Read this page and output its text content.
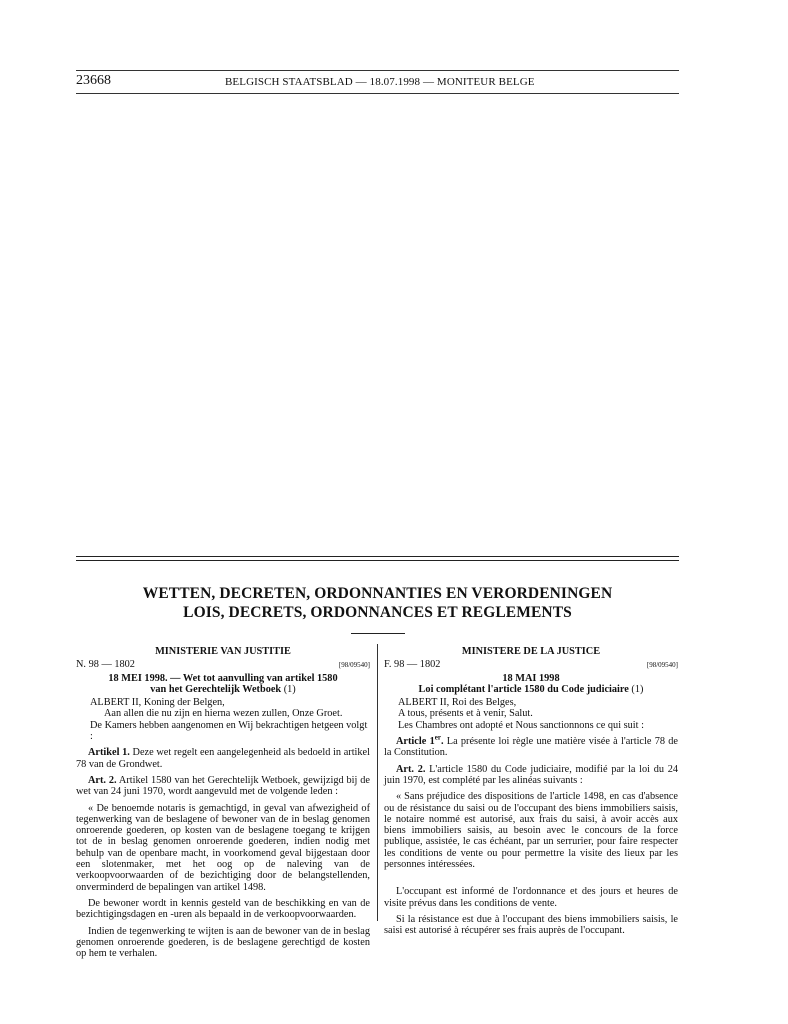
23668	BELGISCH STAATSBLAD — 18.07.1998 — MONITEUR BELGE
WETTEN, DECRETEN, ORDONNANTIES EN VERORDENINGEN
LOIS, DECRETS, ORDONNANCES ET REGLEMENTS
MINISTERIE VAN JUSTITIE
N. 98 — 1802	[98/09540]
18 MEI 1998. — Wet tot aanvulling van artikel 1580
van het Gerechtelijk Wetboek (1)
ALBERT II, Koning der Belgen,
Aan allen die nu zijn en hierna wezen zullen, Onze Groet.
De Kamers hebben aangenomen en Wij bekrachtigen hetgeen volgt :

Artikel 1. Deze wet regelt een aangelegenheid als bedoeld in artikel 78 van de Grondwet.

Art. 2. Artikel 1580 van het Gerechtelijk Wetboek, gewijzigd bij de wet van 24 juni 1970, wordt aangevuld met de volgende leden :

« De benoemde notaris is gemachtigd, in geval van afwezigheid of tegenwerking van de beslagene of bewoner van de in beslag genomen onroerende goederen, op kosten van de beslagene toegang te krijgen tot de in beslag genomen onroerende goederen, indien nodig met behulp van de openbare macht, in voorkomend geval bijgestaan door een slotenmaker, met het oog op de naleving van de verkoopvoorwaarden of de bezichtiging door de belangstellenden, onverminderd de bepalingen van artikel 1498.

De bewoner wordt in kennis gesteld van de beschikking en van de bezichtigingsdagen en -uren als bepaald in de verkoopvoorwaarden.

Indien de tegenwerking te wijten is aan de bewoner van de in beslag genomen onroerende goederen, is de beslagene gerechtigd de kosten op hem te verhalen.

MINISTERE DE LA JUSTICE
F. 98 — 1802	[98/09540]
18 MAI 1998
Loi complétant l'article 1580 du Code judiciaire (1)
ALBERT II, Roi des Belges,
A tous, présents et à venir, Salut.
Les Chambres ont adopté et Nous sanctionnons ce qui suit :

Article 1er. La présente loi règle une matière visée à l'article 78 de la Constitution.

Art. 2. L'article 1580 du Code judiciaire, modifié par la loi du 24 juin 1970, est complété par les alinéas suivants :

« Sans préjudice des dispositions de l'article 1498, en cas d'absence ou de résistance du saisi ou de l'occupant des biens immobiliers saisis, le notaire nommé est autorisé, aux frais du saisi, à avoir accès aux biens immobiliers saisis, au besoin avec le concours de la force publique, assistée, le cas échéant, par un serrurier, pour faire respecter les conditions de vente ou pour permettre la visite des lieux par les personnes intéressées.

L'occupant est informé de l'ordonnance et des jours et heures de visite prévus dans les conditions de vente.

Si la résistance est due à l'occupant des biens immobiliers saisis, le saisi est autorisé à récupérer ses frais auprès de l'occupant.
